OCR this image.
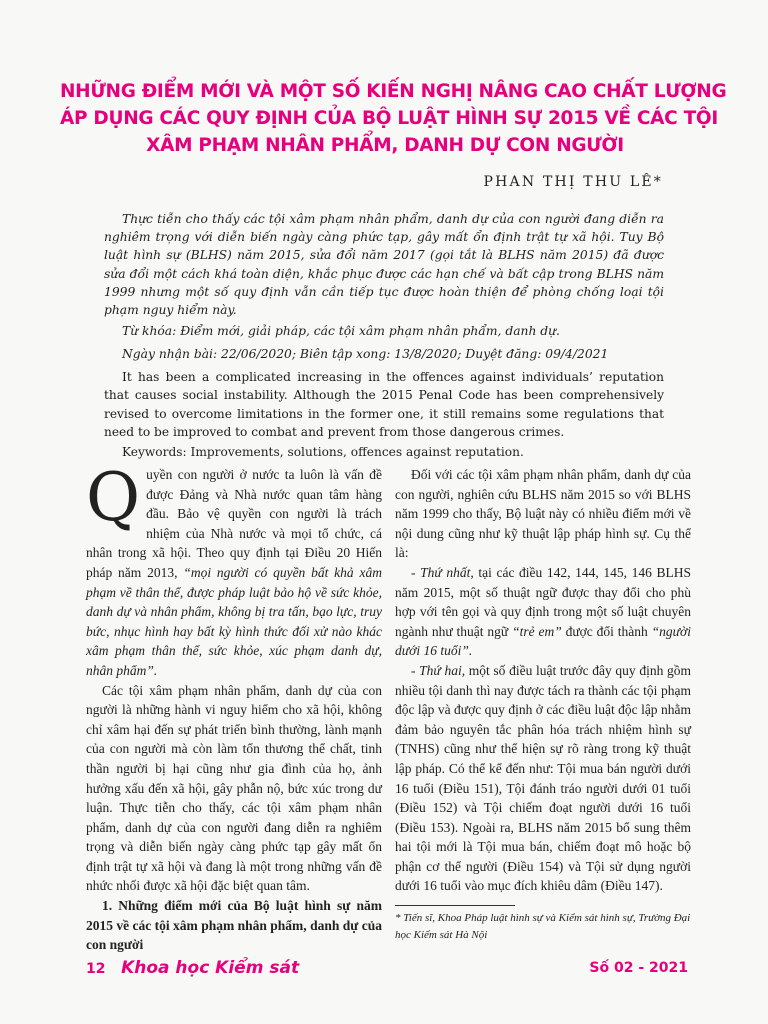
NHỮNG ĐIỂM MỚI VÀ MỘT SỐ KIẾN NGHỊ NÂNG CAO CHẤT LƯỢNG
ÁP DỤNG CÁC QUY ĐỊNH CỦA BỘ LUẬT HÌNH SỰ 2015 VỀ CÁC TỘI
XÂM PHẠM NHÂN PHẨM, DANH DỰ CON NGƯỜI
PHAN THỊ THU LÊ*
Thực tiễn cho thấy các tội xâm phạm nhân phẩm, danh dự của con người đang diễn ra nghiêm trọng với diễn biến ngày càng phức tạp, gây mất ổn định trật tự xã hội. Tuy Bộ luật hình sự (BLHS) năm 2015, sửa đổi năm 2017 (gọi tắt là BLHS năm 2015) đã được sửa đổi một cách khá toàn diện, khắc phục được các hạn chế và bất cập trong BLHS năm 1999 nhưng một số quy định vẫn cần tiếp tục được hoàn thiện để phòng chống loại tội phạm nguy hiểm này.
Từ khóa: Điểm mới, giải pháp, các tội xâm phạm nhân phẩm, danh dự.
Ngày nhận bài: 22/06/2020; Biên tập xong: 13/8/2020; Duyệt đăng: 09/4/2021
It has been a complicated increasing in the offences against individuals’ reputation that causes social instability. Although the 2015 Penal Code has been comprehensively revised to overcome limitations in the former one, it still remains some regulations that need to be improved to combat and prevent from those dangerous crimes.
Keywords: Improvements, solutions, offences against reputation.

Quyền con người ở nước ta luôn là vấn đề được Đảng và Nhà nước quan tâm hàng đầu. Bảo vệ quyền con người là trách nhiệm của Nhà nước và mọi tổ chức, cá nhân trong xã hội. Theo quy định tại Điều 20 Hiến pháp năm 2013, “mọi người có quyền bất khả xâm phạm về thân thể, được pháp luật bảo hộ về sức khỏe, danh dự và nhân phẩm, không bị tra tấn, bạo lực, truy bức, nhục hình hay bất kỳ hình thức đối xử nào khác xâm phạm thân thể, sức khỏe, xúc phạm danh dự, nhân phẩm”.

Các tội xâm phạm nhân phẩm, danh dự của con người là những hành vi nguy hiểm cho xã hội, không chỉ xâm hại đến sự phát triển bình thường, lành mạnh của con người mà còn làm tổn thương thể chất, tinh thần người bị hại cũng như gia đình của họ, ảnh hưởng xấu đến xã hội, gây phẫn nộ, bức xúc trong dư luận. Thực tiễn cho thấy, các tội xâm phạm nhân phẩm, danh dự của con người đang diễn ra nghiêm trọng và diễn biến ngày càng phức tạp gây mất ổn định trật tự xã hội và đang là một trong những vấn đề nhức nhối được xã hội đặc biệt quan tâm.

1. Những điểm mới của Bộ luật hình sự năm 2015 về các tội xâm phạm nhân phẩm, danh dự của con người

Đối với các tội xâm phạm nhân phẩm, danh dự của con người, nghiên cứu BLHS năm 2015 so với BLHS năm 1999 cho thấy, Bộ luật này có nhiều điểm mới về nội dung cũng như kỹ thuật lập pháp hình sự. Cụ thể là:

- Thứ nhất, tại các điều 142, 144, 145, 146 BLHS năm 2015, một số thuật ngữ được thay đổi cho phù hợp với tên gọi và quy định trong một số luật chuyên ngành như thuật ngữ “trẻ em” được đổi thành “người dưới 16 tuổi”.

- Thứ hai, một số điều luật trước đây quy định gồm nhiều tội danh thì nay được tách ra thành các tội phạm độc lập và được quy định ở các điều luật độc lập nhằm đảm bảo nguyên tắc phân hóa trách nhiệm hình sự (TNHS) cũng như thể hiện sự rõ ràng trong kỹ thuật lập pháp. Có thể kể đến như: Tội mua bán người dưới 16 tuổi (Điều 151), Tội đánh tráo người dưới 01 tuổi (Điều 152) và Tội chiếm đoạt người dưới 16 tuổi (Điều 153). Ngoài ra, BLHS năm 2015 bổ sung thêm hai tội mới là Tội mua bán, chiếm đoạt mô hoặc bộ phận cơ thể người (Điều 154) và Tội sử dụng người dưới 16 tuổi vào mục đích khiêu dâm (Điều 147).

* Tiến sĩ, Khoa Pháp luật hình sự và Kiểm sát hình sự, Trường Đại học Kiểm sát Hà Nội
12 Khoa học Kiểm sát	Số 02 - 2021
